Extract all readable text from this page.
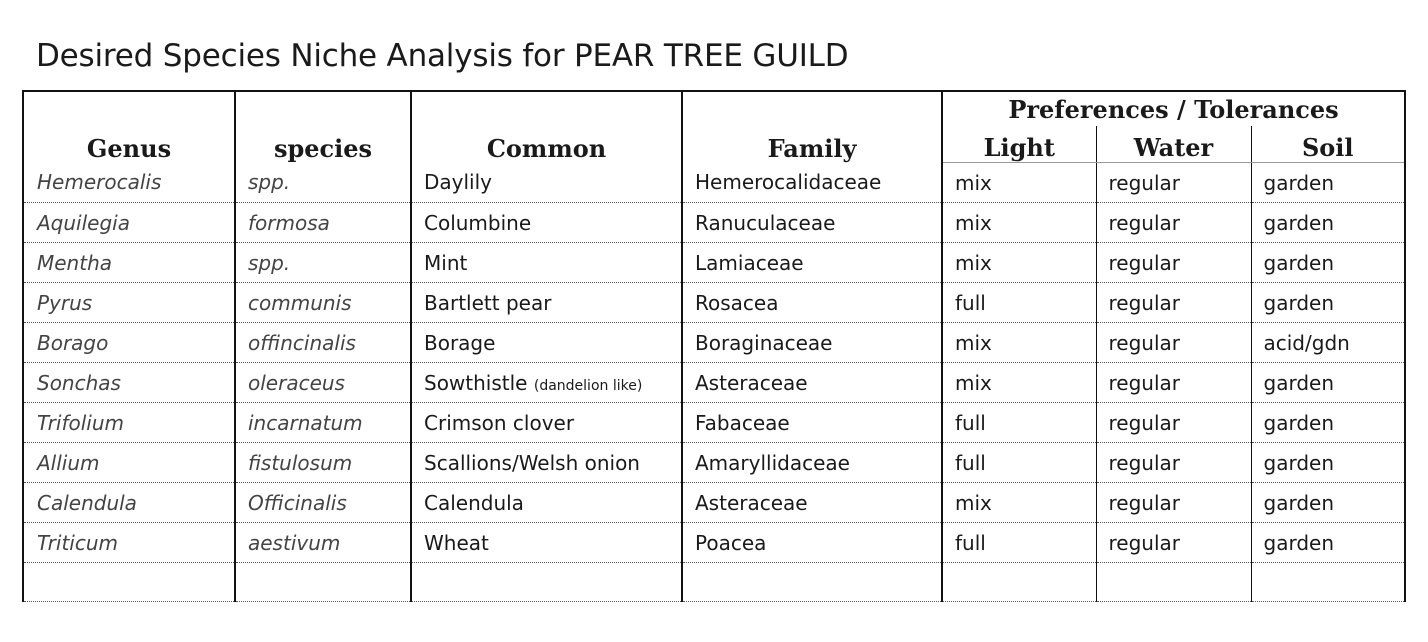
Desired Species Niche Analysis for PEAR TREE GUILD
Genus	species	Common	Family	Preferences / Tolerances		
				Light	Water	Soil
Hemerocalis	spp.	Daylily	Hemerocalidaceae	mix	regular	garden
Aquilegia	formosa	Columbine	Ranuculaceae	mix	regular	garden
Mentha	spp.	Mint	Lamiaceae	mix	regular	garden
Pyrus	communis	Bartlett pear	Rosacea	full	regular	garden
Borago	offincinalis	Borage	Boraginaceae	mix	regular	acid/gdn
Sonchas	oleraceus	Sowthistle (dandelion like)	Asteraceae	mix	regular	garden
Trifolium	incarnatum	Crimson clover	Fabaceae	full	regular	garden
Allium	fistulosum	Scallions/Welsh onion	Amaryllidaceae	full	regular	garden
Calendula	Officinalis	Calendula	Asteraceae	mix	regular	garden
Triticum	aestivum	Wheat	Poacea	full	regular	garden
